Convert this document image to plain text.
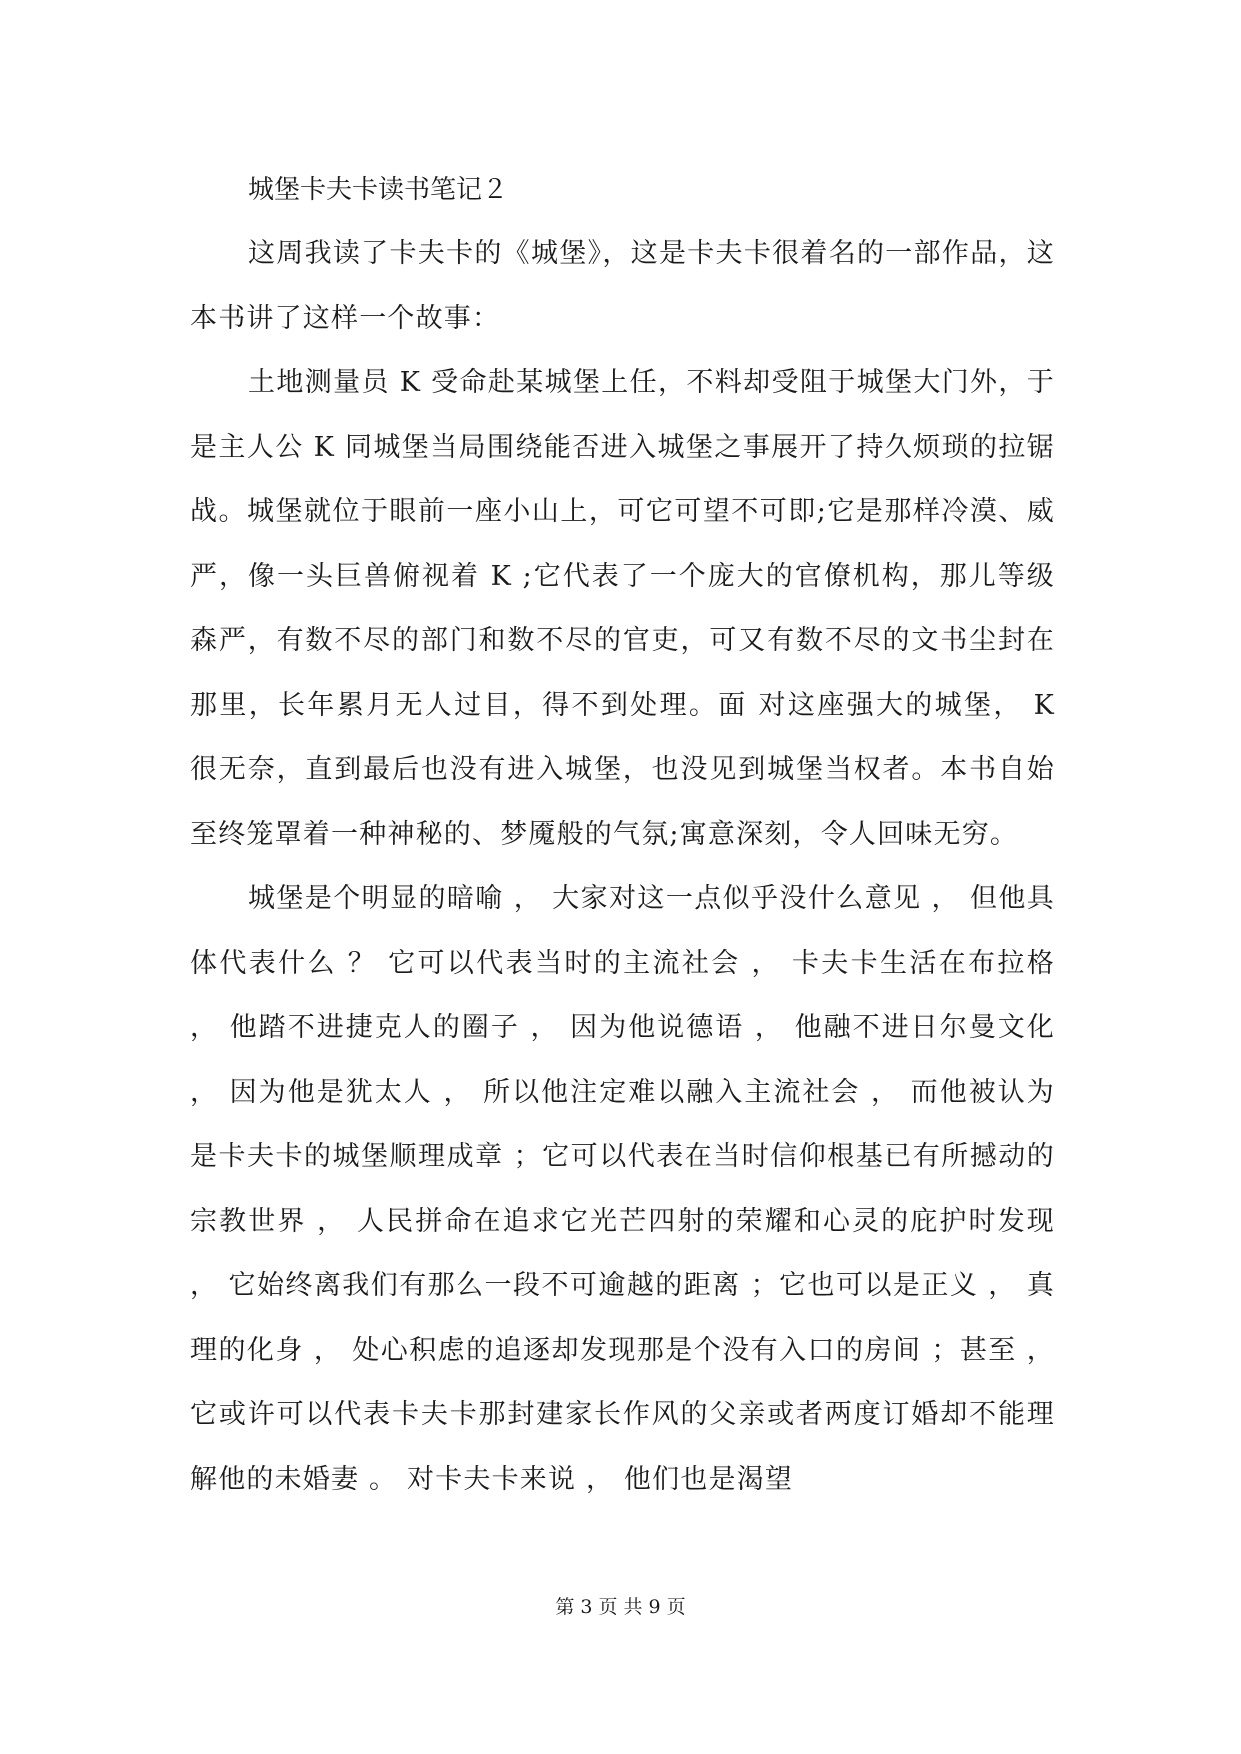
城堡卡夫卡读书笔记２

这周我读了卡夫卡的《城堡》，这是卡夫卡很着名的一部作品，这本书讲了这样一个故事：

土地测量员 K 受命赴某城堡上任，不料却受阻于城堡大门外，于是主人公 K 同城堡当局围绕能否进入城堡之事展开了持久烦琐的拉锯战。城堡就位于眼前一座小山上，可它可望不可即;它是那样冷漠、威严，像一头巨兽俯视着 K ;它代表了一个庞大的官僚机构，那儿等级森严，有数不尽的部门和数不尽的官吏，可又有数不尽的文书尘封在那里，长年累月无人过目，得不到处理。面 对这座强大的城堡， K 很无奈，直到最后也没有进入城堡，也没见到城堡当权者。本书自始至终笼罩着一种神秘的、梦魇般的气氛;寓意深刻，令人回味无穷。

城堡是个明显的暗喻 ， 大家对这一点似乎没什么意见 ， 但他具体代表什么 ？ 它可以代表当时的主流社会 ， 卡夫卡生活在布拉格 ， 他踏不进捷克人的圈子 ， 因为他说德语 ， 他融不进日尔曼文化 ， 因为他是犹太人 ， 所以他注定难以融入主流社会 ， 而他被认为是卡夫卡的城堡顺理成章 ；它可以代表在当时信仰根基已有所撼动的宗教世界 ， 人民拼命在追求它光芒四射的荣耀和心灵的庇护时发现 ， 它始终离我们有那么一段不可逾越的距离 ；它也可以是正义 ， 真理的化身 ， 处心积虑的追逐却发现那是个没有入口的房间 ；甚至 ， 它或许可以代表卡夫卡那封建家长作风的父亲或者两度订婚却不能理解他的未婚妻 。 对卡夫卡来说 ， 他们也是渴望

第 3 页 共 9 页
